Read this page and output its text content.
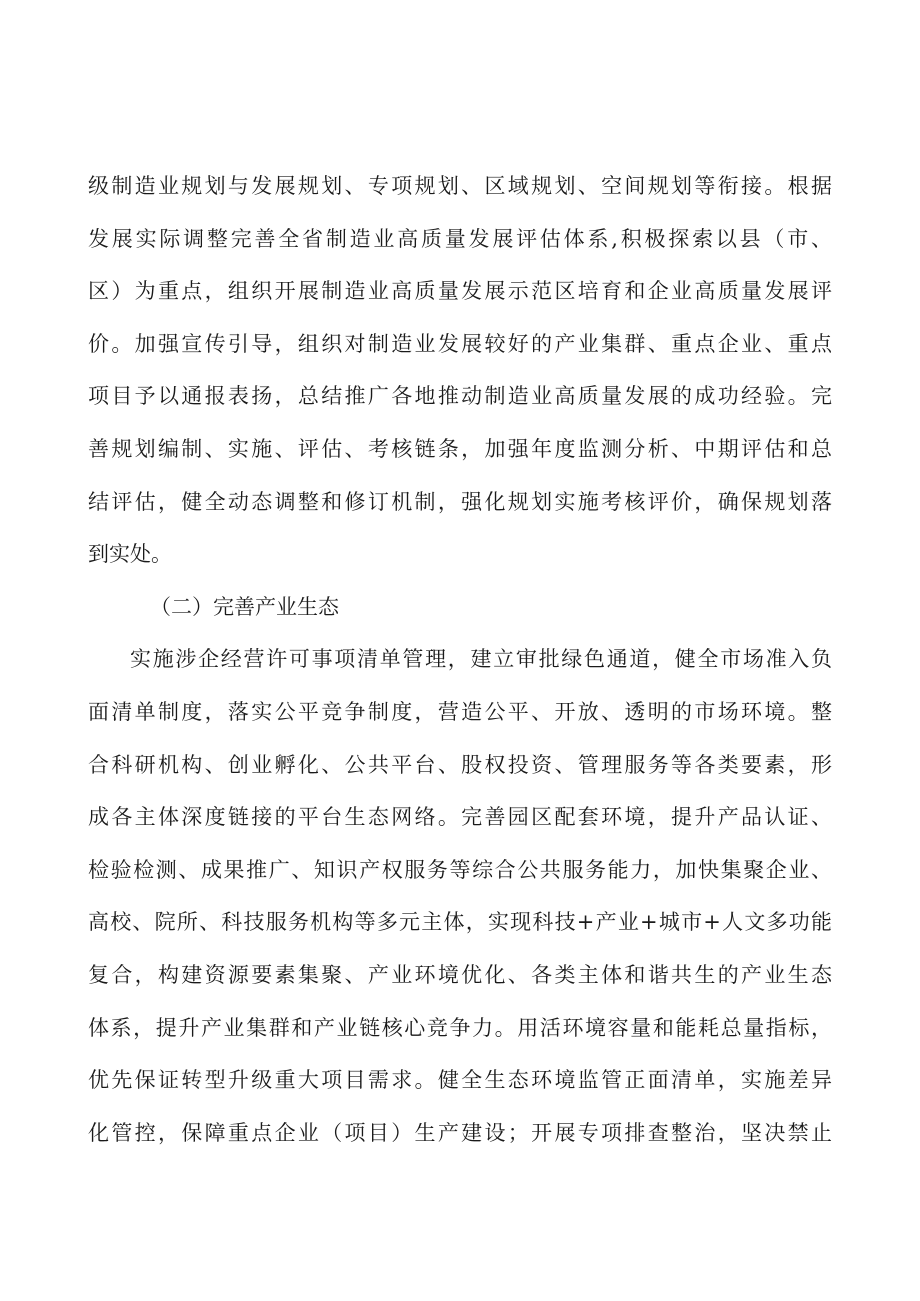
级制造业规划与发展规划、专项规划、区域规划、空间规划等衔接。根据
发展实际调整完善全省制造业高质量发展评估体系,积极探索以县（市、
区）为重点，组织开展制造业高质量发展示范区培育和企业高质量发展评
价。加强宣传引导，组织对制造业发展较好的产业集群、重点企业、重点
项目予以通报表扬，总结推广各地推动制造业高质量发展的成功经验。完
善规划编制、实施、评估、考核链条，加强年度监测分析、中期评估和总
结评估，健全动态调整和修订机制，强化规划实施考核评价，确保规划落
到实处。
（二）完善产业生态
实施涉企经营许可事项清单管理，建立审批绿色通道，健全市场准入负
面清单制度，落实公平竞争制度，营造公平、开放、透明的市场环境。整
合科研机构、创业孵化、公共平台、股权投资、管理服务等各类要素，形
成各主体深度链接的平台生态网络。完善园区配套环境，提升产品认证、
检验检测、成果推广、知识产权服务等综合公共服务能力，加快集聚企业、
高校、院所、科技服务机构等多元主体，实现科技+产业+城市+人文多功能
复合，构建资源要素集聚、产业环境优化、各类主体和谐共生的产业生态
体系，提升产业集群和产业链核心竞争力。用活环境容量和能耗总量指标，
优先保证转型升级重大项目需求。健全生态环境监管正面清单，实施差异
化管控，保障重点企业（项目）生产建设；开展专项排查整治，坚决禁止
